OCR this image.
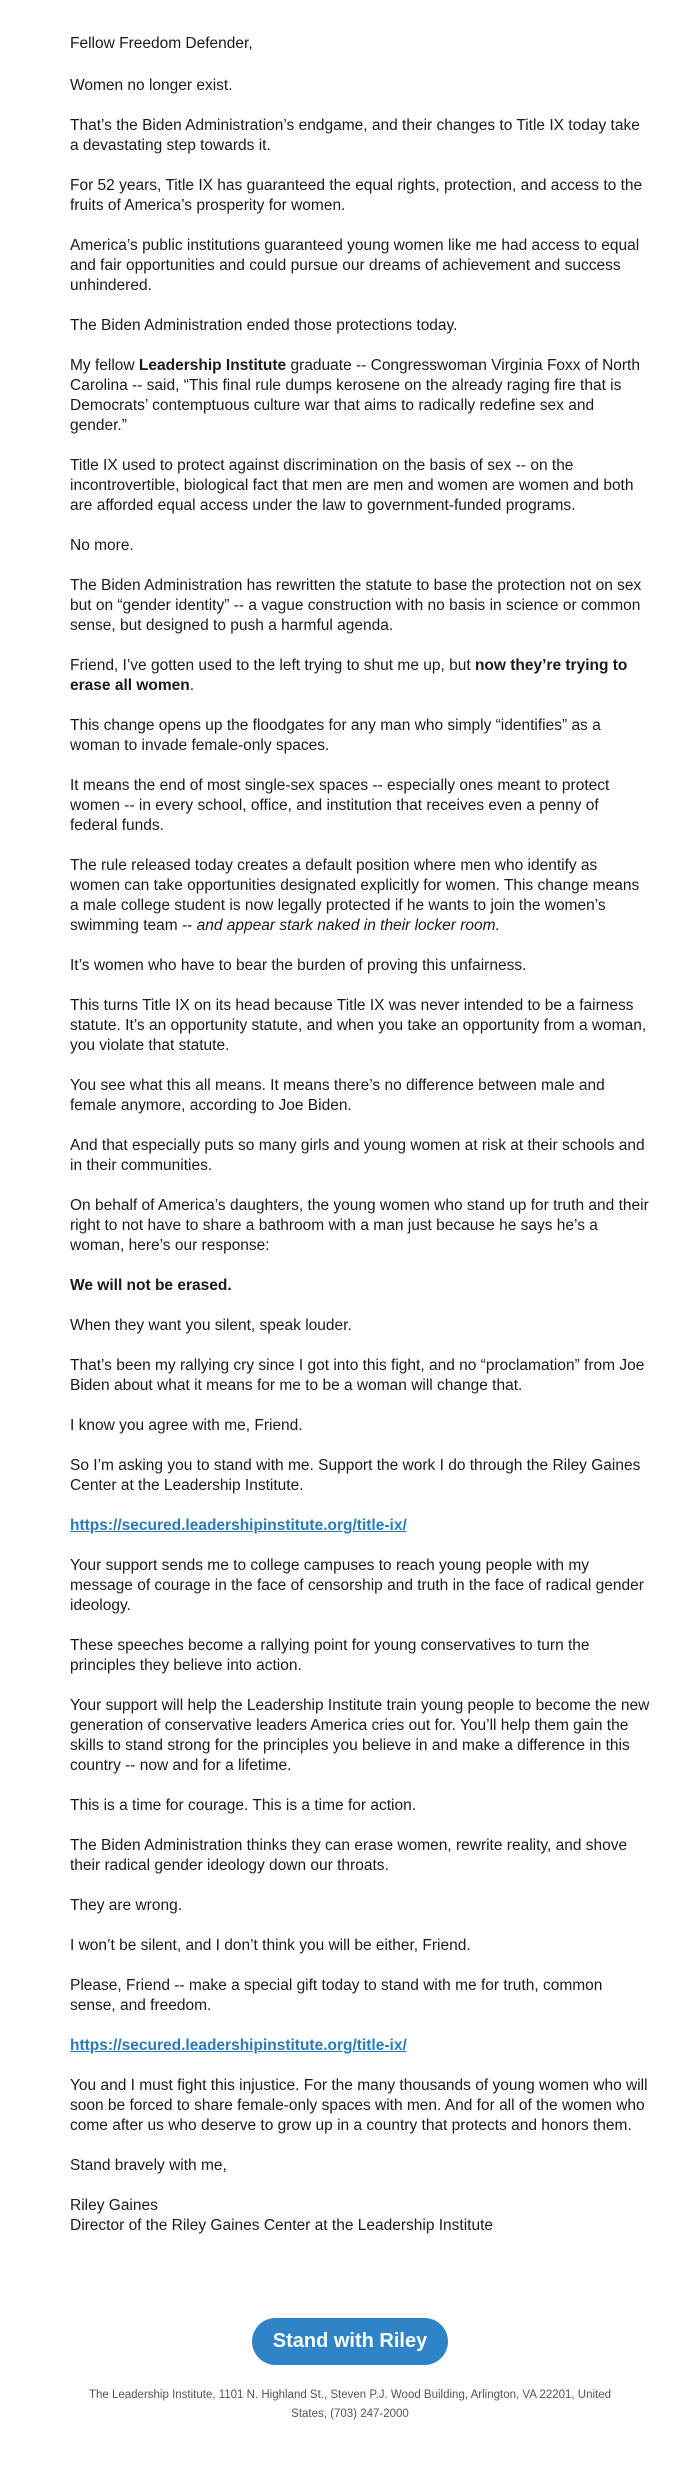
Fellow Freedom Defender,

Women no longer exist.

That’s the Biden Administration’s endgame, and their changes to Title IX today take a devastating step towards it.

For 52 years, Title IX has guaranteed the equal rights, protection, and access to the fruits of America’s prosperity for women.

America’s public institutions guaranteed young women like me had access to equal and fair opportunities and could pursue our dreams of achievement and success unhindered.

The Biden Administration ended those protections today.

My fellow Leadership Institute graduate -- Congresswoman Virginia Foxx of North Carolina -- said, “This final rule dumps kerosene on the already raging fire that is Democrats’ contemptuous culture war that aims to radically redefine sex and gender.”

Title IX used to protect against discrimination on the basis of sex -- on the incontrovertible, biological fact that men are men and women are women and both are afforded equal access under the law to government-funded programs.

No more.

The Biden Administration has rewritten the statute to base the protection not on sex but on “gender identity” -- a vague construction with no basis in science or common sense, but designed to push a harmful agenda.

Friend, I’ve gotten used to the left trying to shut me up, but now they’re trying to erase all women.

This change opens up the floodgates for any man who simply “identifies” as a woman to invade female-only spaces.

It means the end of most single-sex spaces -- especially ones meant to protect women -- in every school, office, and institution that receives even a penny of federal funds.

The rule released today creates a default position where men who identify as women can take opportunities designated explicitly for women. This change means a male college student is now legally protected if he wants to join the women’s swimming team -- and appear stark naked in their locker room.

It’s women who have to bear the burden of proving this unfairness.

This turns Title IX on its head because Title IX was never intended to be a fairness statute. It’s an opportunity statute, and when you take an opportunity from a woman, you violate that statute.

You see what this all means. It means there’s no difference between male and female anymore, according to Joe Biden.

And that especially puts so many girls and young women at risk at their schools and in their communities.

On behalf of America’s daughters, the young women who stand up for truth and their right to not have to share a bathroom with a man just because he says he’s a woman, here’s our response:

We will not be erased.

When they want you silent, speak louder.

That’s been my rallying cry since I got into this fight, and no “proclamation” from Joe Biden about what it means for me to be a woman will change that.

I know you agree with me, Friend.

So I’m asking you to stand with me. Support the work I do through the Riley Gaines Center at the Leadership Institute.

https://secured.leadershipinstitute.org/title-ix/

Your support sends me to college campuses to reach young people with my message of courage in the face of censorship and truth in the face of radical gender ideology.

These speeches become a rallying point for young conservatives to turn the principles they believe into action.

Your support will help the Leadership Institute train young people to become the new generation of conservative leaders America cries out for. You’ll help them gain the skills to stand strong for the principles you believe in and make a difference in this country -- now and for a lifetime.

This is a time for courage. This is a time for action.

The Biden Administration thinks they can erase women, rewrite reality, and shove their radical gender ideology down our throats.

They are wrong.

I won’t be silent, and I don’t think you will be either, Friend.

Please, Friend -- make a special gift today to stand with me for truth, common sense, and freedom.

https://secured.leadershipinstitute.org/title-ix/

You and I must fight this injustice. For the many thousands of young women who will soon be forced to share female-only spaces with men. And for all of the women who come after us who deserve to grow up in a country that protects and honors them.

Stand bravely with me,

Riley Gaines
Director of the Riley Gaines Center at the Leadership Institute
Stand with Riley
The Leadership Institute, 1101 N. Highland St., Steven P.J. Wood Building, Arlington, VA 22201, United States, (703) 247-2000
